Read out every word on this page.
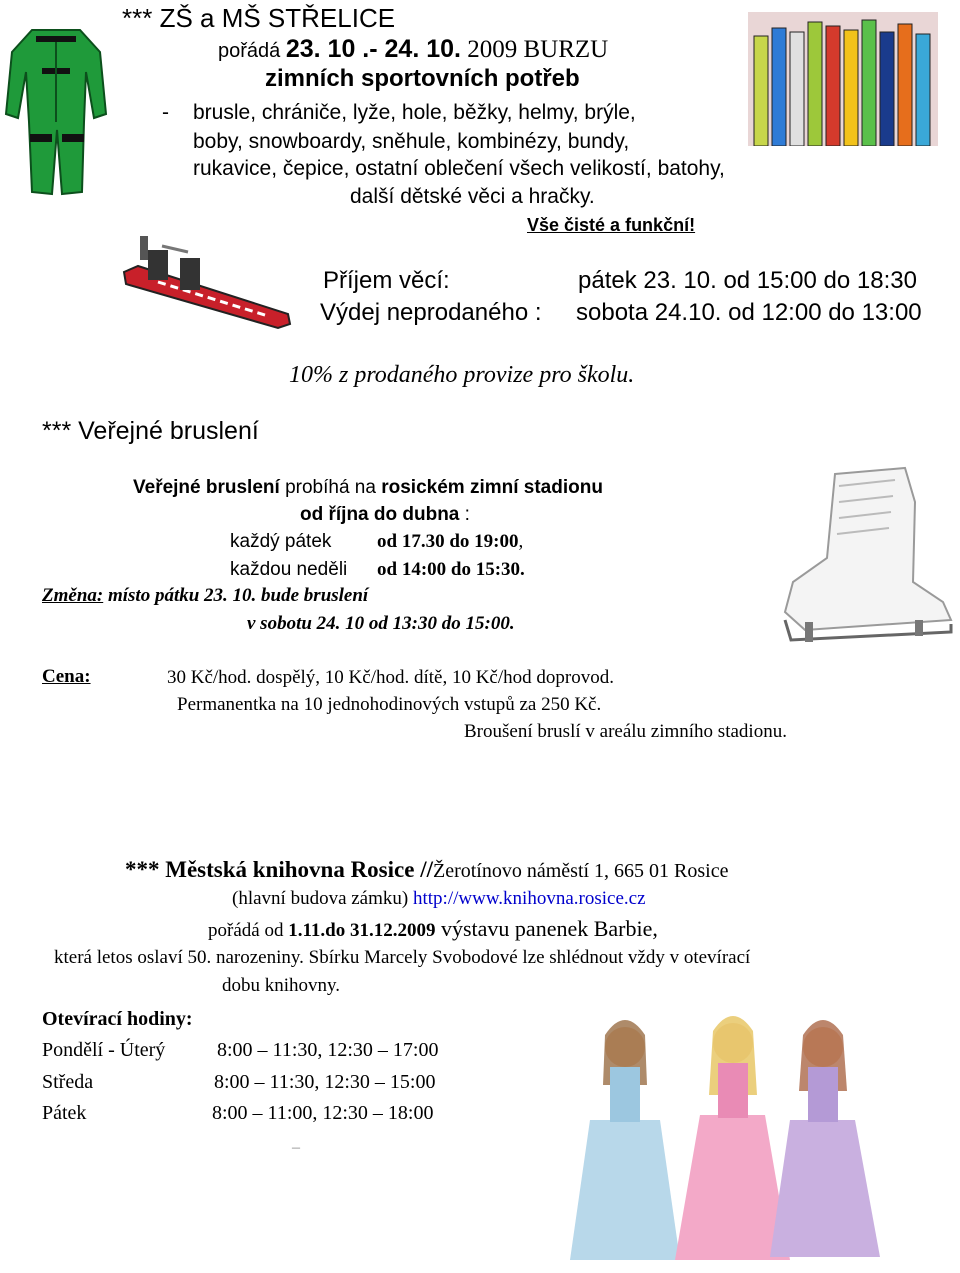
*** ZŠ a MŠ STŘELICE
pořádá 23. 10 .- 24. 10. 2009 BURZU
zimních sportovních potřeb
- brusle, chrániče, lyže, hole, běžky, helmy, brýle,
boby, snowboardy, sněhule, kombinézy, bundy,
rukavice, čepice, ostatní oblečení všech velikostí, batohy,
další dětské věci a hračky.
Vše čisté a funkční!
Příjem věcí:	pátek 23. 10. od 15:00 do 18:30
Výdej neprodaného : sobota 24.10. od 12:00 do 13:00
10% z prodaného provize pro školu.
*** Veřejné bruslení
Veřejné bruslení probíhá na rosickém zimní stadionu
od října do dubna :
každý pátek od 17.30 do 19:00,
každou neděli od 14:00 do 15:30.
Změna: místo pátku 23. 10. bude bruslení
v sobotu 24. 10 od 13:30 do 15:00.
Cena:	30 Kč/hod. dospělý, 10 Kč/hod. dítě, 10 Kč/hod doprovod.
Permanentka na 10 jednohodinových vstupů za 250 Kč.
Broušení bruslí v areálu zimního stadionu.
*** Městská knihovna Rosice //Žerotínovo náměstí 1, 665 01 Rosice
(hlavní budova zámku) http://www.knihovna.rosice.cz
pořádá od 1.11.do 31.12.2009 výstavu panenek Barbie,
která letos oslaví 50. narozeniny. Sbírku Marcely Svobodové lze shlédnout vždy v otevírací
dobu knihovny.
Otevírací hodiny:
Pondělí - Úterý	8:00 – 11:30, 12:30 – 17:00
Středa	8:00 – 11:30, 12:30 – 15:00
Pátek	8:00 – 11:00, 12:30 – 18:00
–
